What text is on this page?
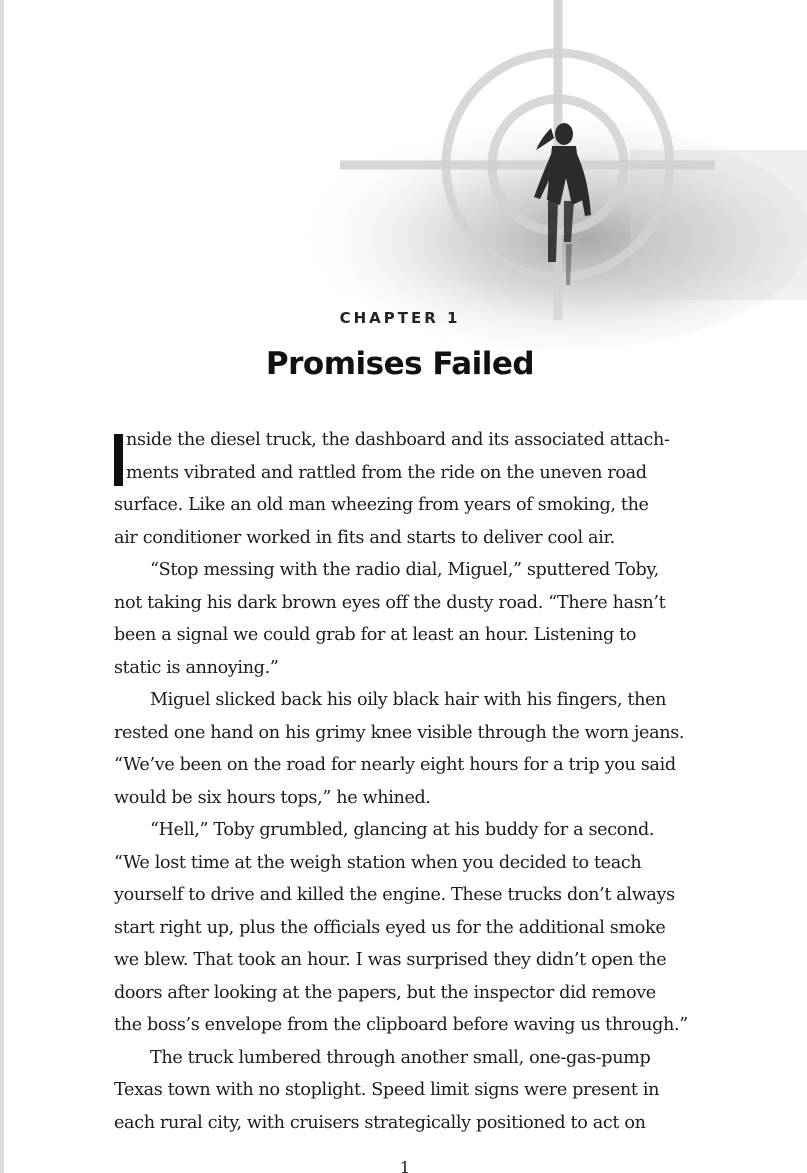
CHAPTER 1
Promises Failed
nside the diesel truck, the dashboard and its associated attach-
ments vibrated and rattled from the ride on the uneven road
surface. Like an old man wheezing from years of smoking, the
air conditioner worked in fits and starts to deliver cool air.
“Stop messing with the radio dial, Miguel,” sputtered Toby,
not taking his dark brown eyes off the dusty road. “There hasn’t
been a signal we could grab for at least an hour. Listening to
static is annoying.”
Miguel slicked back his oily black hair with his fingers, then
rested one hand on his grimy knee visible through the worn jeans.
“We’ve been on the road for nearly eight hours for a trip you said
would be six hours tops,” he whined.
“Hell,” Toby grumbled, glancing at his buddy for a second.
“We lost time at the weigh station when you decided to teach
yourself to drive and killed the engine. These trucks don’t always
start right up, plus the officials eyed us for the additional smoke
we blew. That took an hour. I was surprised they didn’t open the
doors after looking at the papers, but the inspector did remove
the boss’s envelope from the clipboard before waving us through.”
The truck lumbered through another small, one-gas-pump
Texas town with no stoplight. Speed limit signs were present in
each rural city, with cruisers strategically positioned to act on
1
